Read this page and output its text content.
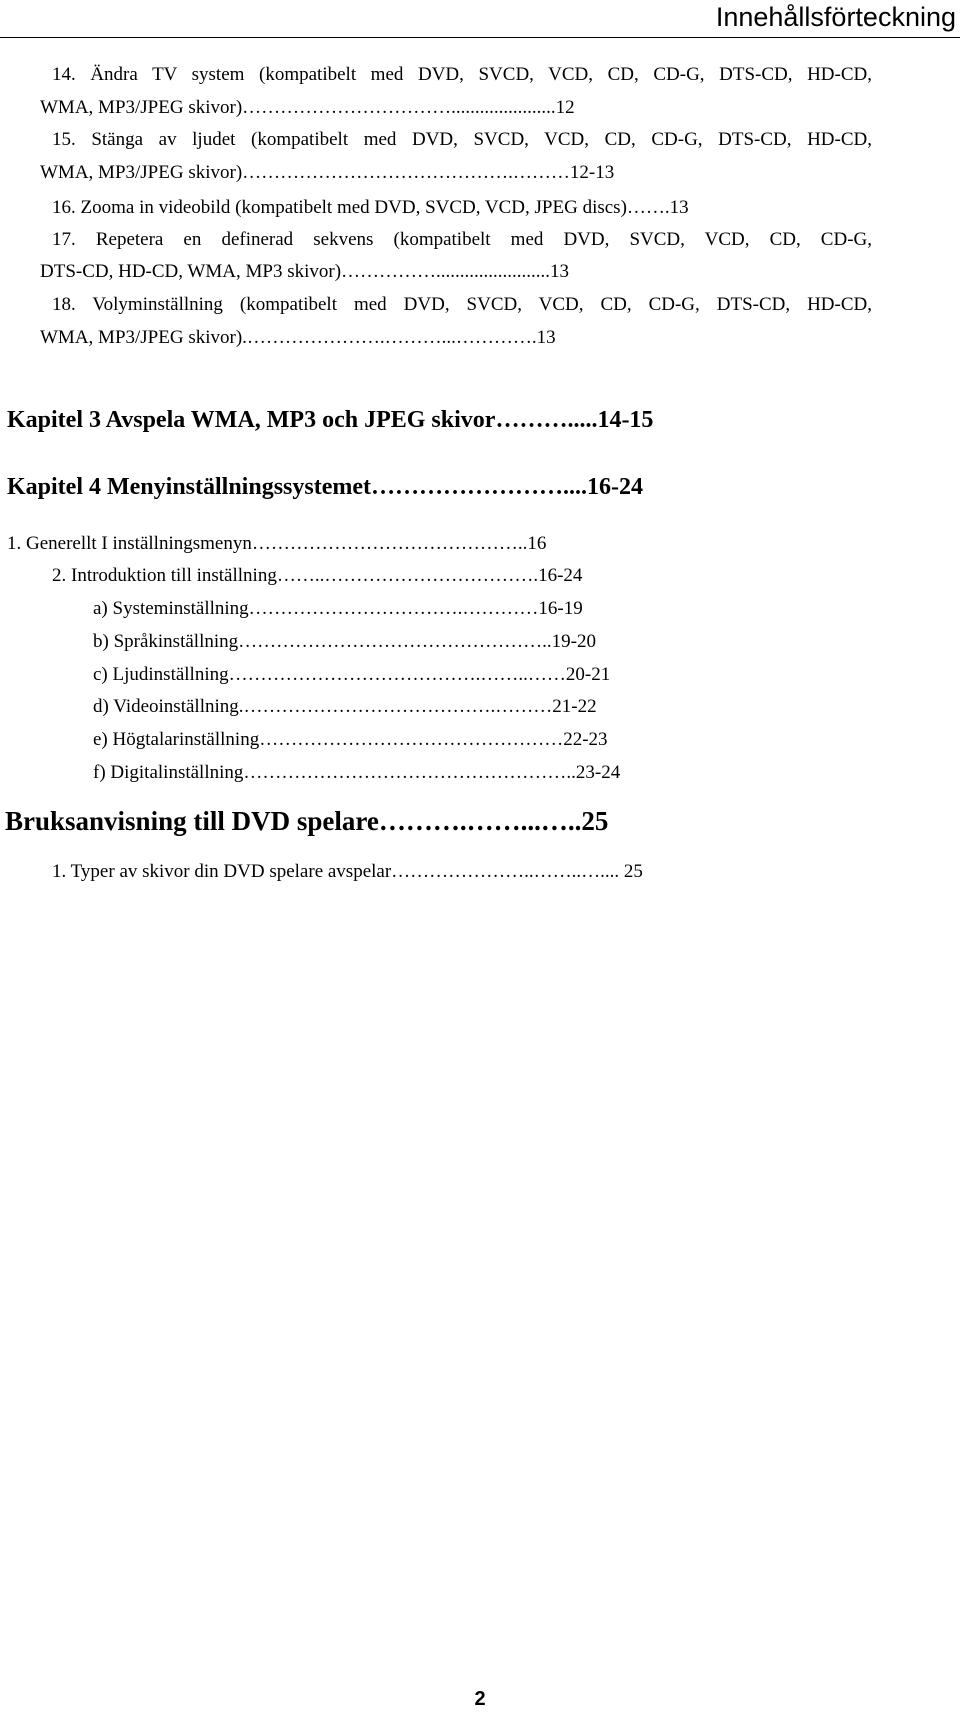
Innehållsförteckning
14. Ändra TV system (kompatibelt med DVD, SVCD, VCD, CD, CD-G, DTS-CD, HD-CD,
WMA, MP3/JPEG skivor)……………………………......................12
15. Stänga av ljudet (kompatibelt med DVD, SVCD, VCD, CD, CD-G, DTS-CD, HD-CD,
WMA, MP3/JPEG skivor)…………………………………….………12-13
16. Zooma in videobild (kompatibelt med DVD, SVCD, VCD, JPEG discs)…….13
17. Repetera en definerad sekvens (kompatibelt med DVD, SVCD, VCD, CD, CD-G,
DTS-CD, HD-CD, WMA, MP3 skivor)……………........................13
18. Volyminställning (kompatibelt med DVD, SVCD, VCD, CD, CD-G, DTS-CD, HD-CD,
WMA, MP3/JPEG skivor).………………….………...………….13
Kapitel 3 Avspela WMA, MP3 och JPEG skivor……….....14-15
Kapitel 4 Menyinställningssystemet……………………....16-24
1. Generellt I inställningsmenyn……………………………………..16
2. Introduktion till inställning……..…………………………….16-24
a) Systeminställning…………………………….…………16-19
b) Språkinställning…………………………………………..19-20
c) Ljudinställning………………………………….……..……20-21
d) Videoinställning.………………………………….………21-22
e) Högtalarinställning…………………………………………22-23
f) Digitalinställning……………………………………………..23-24
Bruksanvisning till DVD spelare……….……...…..25
1. Typer av skivor din DVD spelare avspelar…………………..……..….... 25
2
